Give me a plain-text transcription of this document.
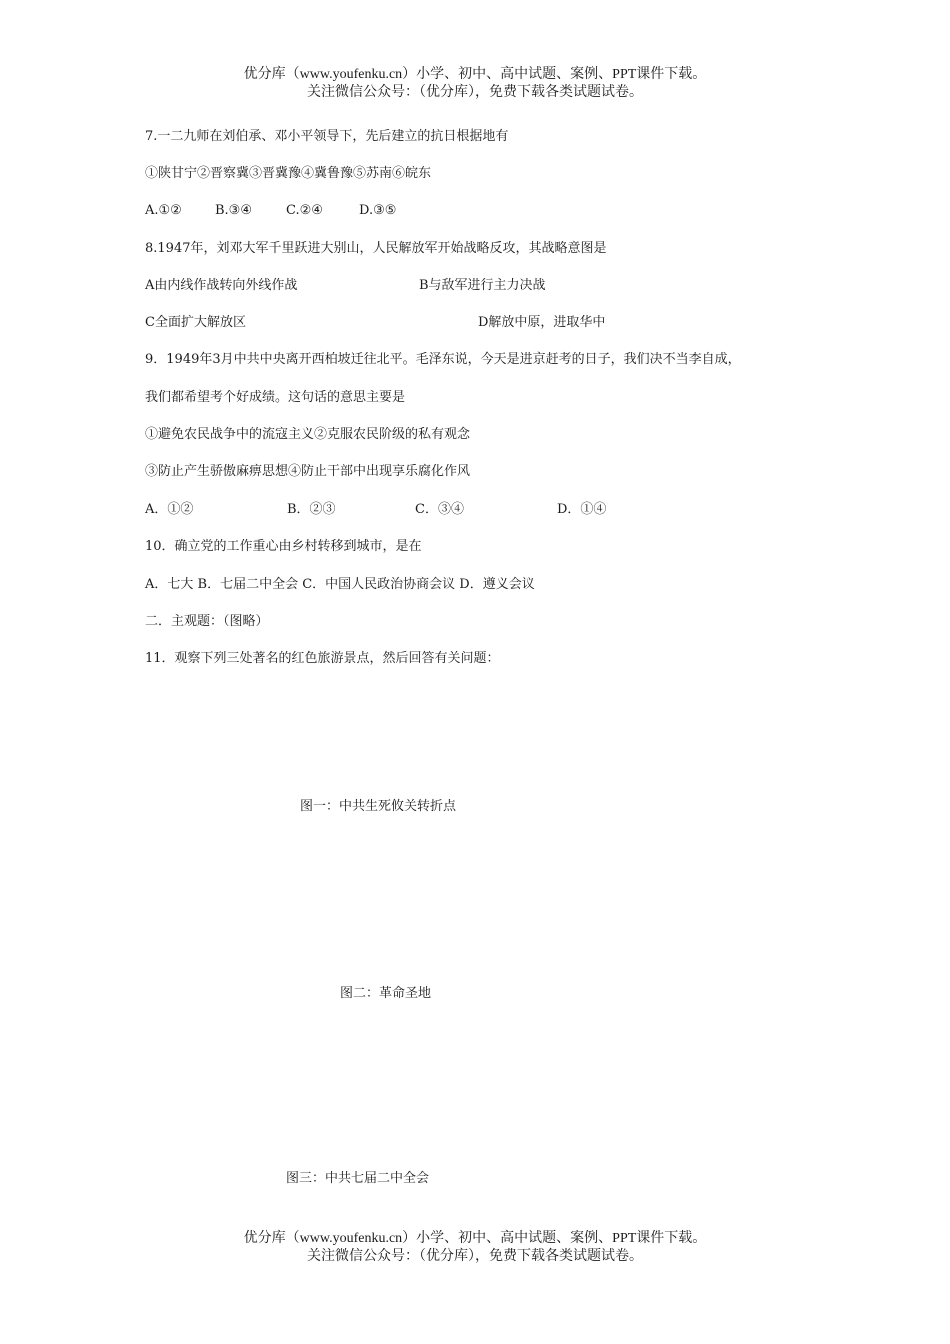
优分库（www.youfenku.cn）小学、初中、高中试题、案例、PPT课件下载。
关注微信公众号：（优分库），免费下载各类试题试卷。
7.一二九师在刘伯承、邓小平领导下，先后建立的抗日根据地有
①陕甘宁②晋察冀③晋冀豫④冀鲁豫⑤苏南⑥皖东
A.①②	B.③④	C.②④	D.③⑤
8.1947年，刘邓大军千里跃进大别山，人民解放军开始战略反攻，其战略意图是
A由内线作战转向外线作战	B与敌军进行主力决战
C全面扩大解放区	D解放中原，进取华中
9．1949年3月中共中央离开西柏坡迁往北平。毛泽东说，今天是进京赶考的日子，我们决不当李自成，
我们都希望考个好成绩。这句话的意思主要是
①避免农民战争中的流寇主义②克服农民阶级的私有观念
③防止产生骄傲麻痹思想④防止干部中出现享乐腐化作风
A．①②	B．②③	C．③④	D．①④
10．确立党的工作重心由乡村转移到城市，是在
A．七大 B．七届二中全会 C．中国人民政治协商会议 D．遵义会议
二．主观题：（图略）
11．观察下列三处著名的红色旅游景点，然后回答有关问题：
图一：中共生死攸关转折点
图二：革命圣地
图三：中共七届二中全会
优分库（www.youfenku.cn）小学、初中、高中试题、案例、PPT课件下载。
关注微信公众号：（优分库），免费下载各类试题试卷。
